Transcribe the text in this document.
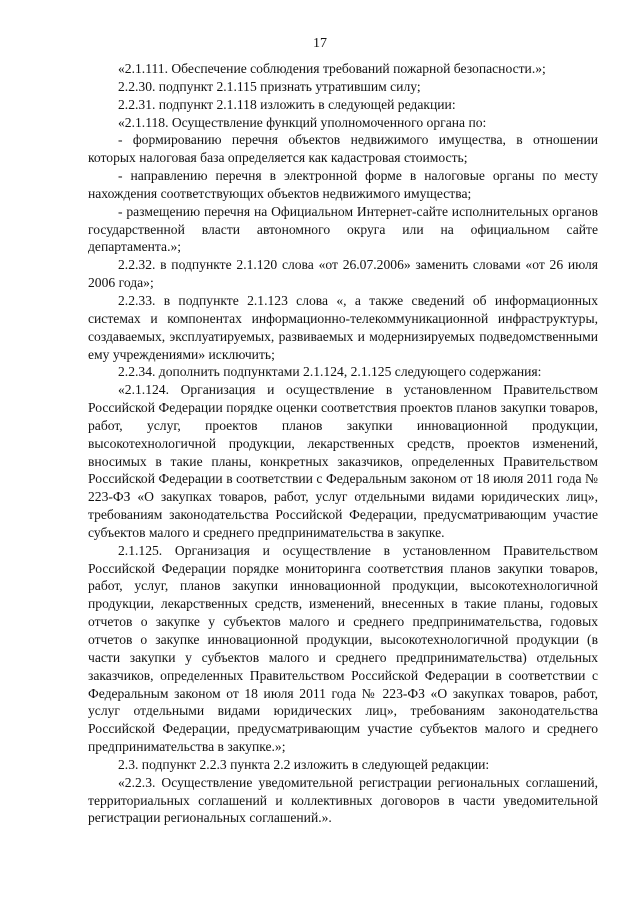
17

«2.1.111. Обеспечение соблюдения требований пожарной безопасности.»;

2.2.30. подпункт 2.1.115 признать утратившим силу;

2.2.31. подпункт 2.1.118 изложить в следующей редакции:

«2.1.118. Осуществление функций уполномоченного органа по:

- формированию перечня объектов недвижимого имущества, в отношении которых налоговая база определяется как кадастровая стоимость;

- направлению перечня в электронной форме в налоговые органы по месту нахождения соответствующих объектов недвижимого имущества;

- размещению перечня на Официальном Интернет-сайте исполнительных органов государственной власти автономного округа или на официальном сайте департамента.»;

2.2.32. в подпункте 2.1.120 слова «от 26.07.2006» заменить словами «от 26 июля 2006 года»;

2.2.33. в подпункте 2.1.123 слова «, а также сведений об информационных системах и компонентах информационно-телекоммуникационной инфраструктуры, создаваемых, эксплуатируемых, развиваемых и модернизируемых подведомственными ему учреждениями» исключить;

2.2.34. дополнить подпунктами 2.1.124, 2.1.125 следующего содержания:

«2.1.124. Организация и осуществление в установленном Правительством Российской Федерации порядке оценки соответствия проектов планов закупки товаров, работ, услуг, проектов планов закупки инновационной продукции, высокотехнологичной продукции, лекарственных средств, проектов изменений, вносимых в такие планы, конкретных заказчиков, определенных Правительством Российской Федерации в соответствии с Федеральным законом от 18 июля 2011 года № 223-ФЗ «О закупках товаров, работ, услуг отдельными видами юридических лиц», требованиям законодательства Российской Федерации, предусматривающим участие субъектов малого и среднего предпринимательства в закупке.

2.1.125. Организация и осуществление в установленном Правительством Российской Федерации порядке мониторинга соответствия планов закупки товаров, работ, услуг, планов закупки инновационной продукции, высокотехнологичной продукции, лекарственных средств, изменений, внесенных в такие планы, годовых отчетов о закупке у субъектов малого и среднего предпринимательства, годовых отчетов о закупке инновационной продукции, высокотехнологичной продукции (в части закупки у субъектов малого и среднего предпринимательства) отдельных заказчиков, определенных Правительством Российской Федерации в соответствии с Федеральным законом от 18 июля 2011 года № 223-ФЗ «О закупках товаров, работ, услуг отдельными видами юридических лиц», требованиям законодательства Российской Федерации, предусматривающим участие субъектов малого и среднего предпринимательства в закупке.»;

2.3. подпункт 2.2.3 пункта 2.2 изложить в следующей редакции:

«2.2.3. Осуществление уведомительной регистрации региональных соглашений, территориальных соглашений и коллективных договоров в части уведомительной регистрации региональных соглашений.».
